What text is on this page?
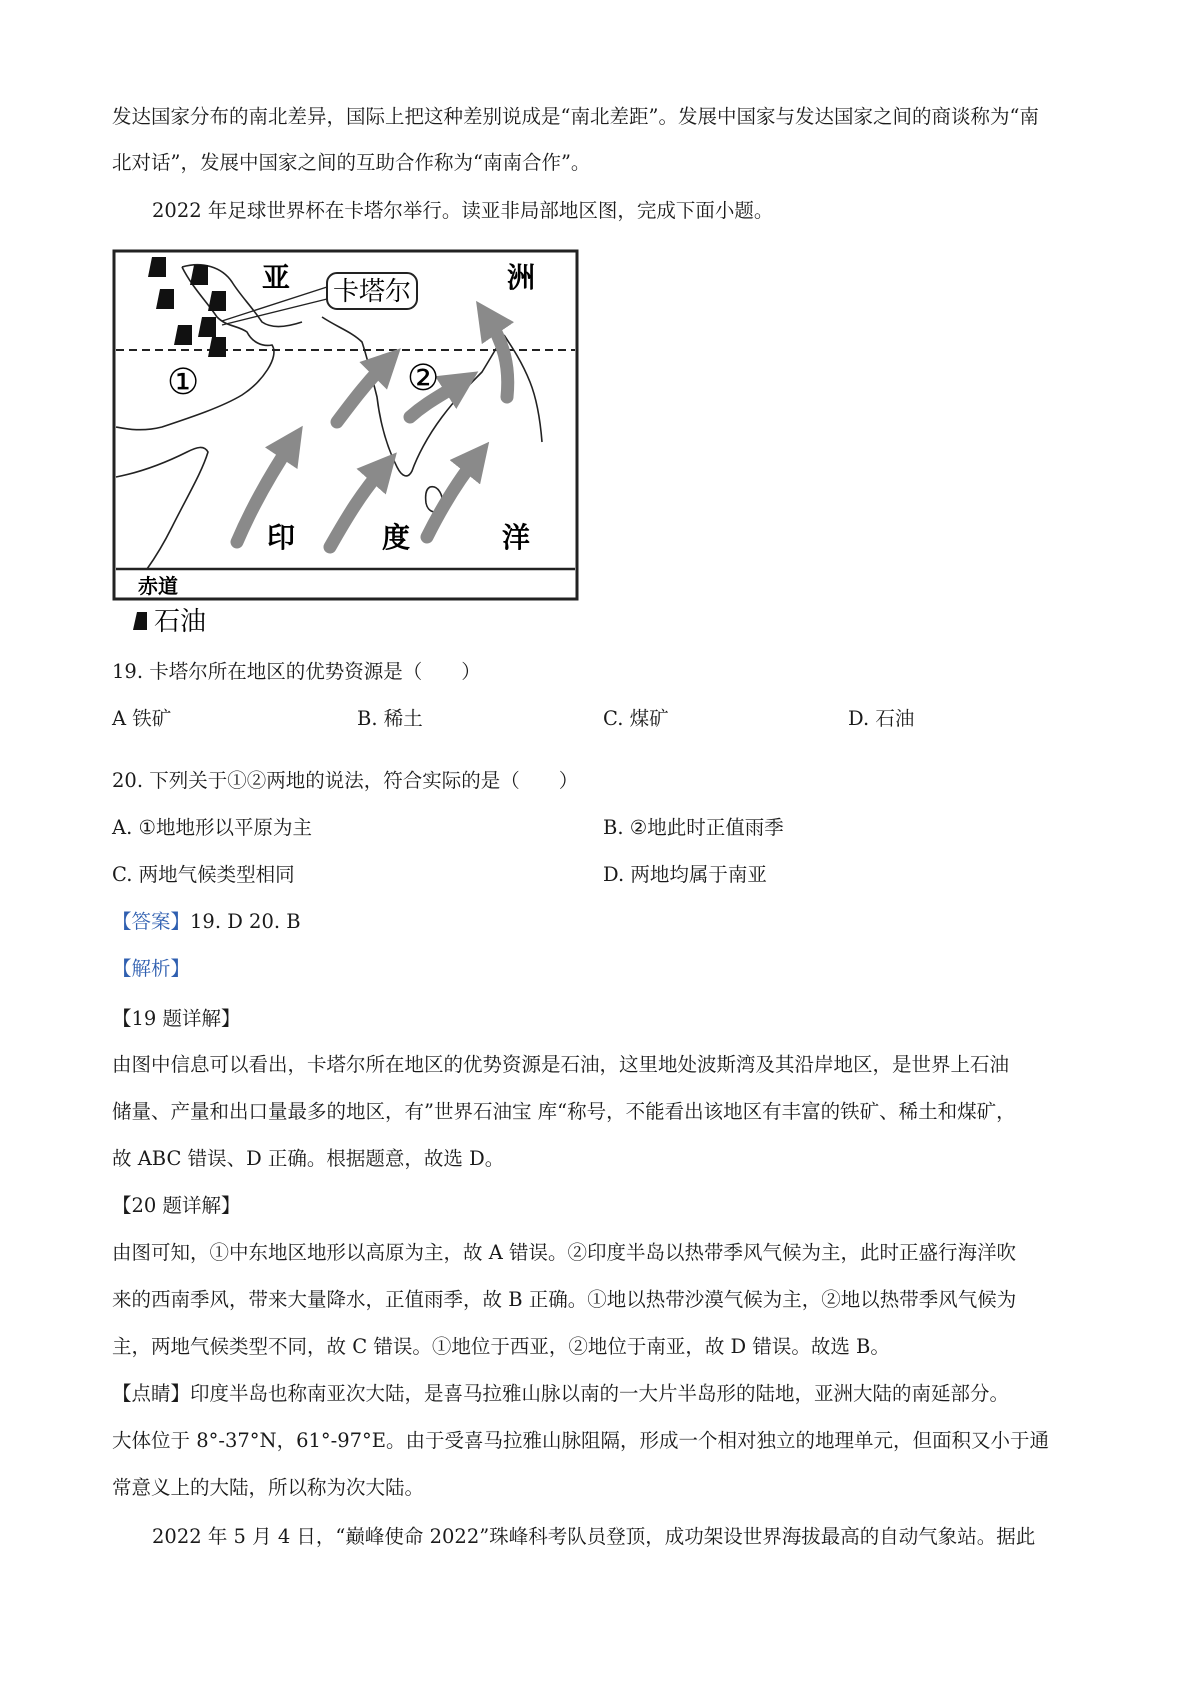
发达国家分布的南北差异，国际上把这种差别说成是“南北差距”。发展中国家与发达国家之间的商谈称为“南
北对话”，发展中国家之间的互助合作称为“南南合作”。
2022 年足球世界杯在卡塔尔举行。读亚非局部地区图，完成下面小题。
卡塔尔
亚	洲
①	②
印	度	洋
赤道
石油
19. 卡塔尔所在地区的优势资源是（　　）
A 铁矿	B. 稀土	C. 煤矿	D. 石油
20. 下列关于①②两地的说法，符合实际的是（　　）
A. ①地地形以平原为主	B. ②地此时正值雨季
C. 两地气候类型相同	D. 两地均属于南亚
【答案】19. D 20. B
【解析】
【19 题详解】
由图中信息可以看出，卡塔尔所在地区的优势资源是石油，这里地处波斯湾及其沿岸地区，是世界上石油
储量、产量和出口量最多的地区，有”世界石油宝 库“称号，不能看出该地区有丰富的铁矿、稀土和煤矿，
故 ABC 错误、D 正确。根据题意，故选 D。
【20 题详解】
由图可知，①中东地区地形以高原为主，故 A 错误。②印度半岛以热带季风气候为主，此时正盛行海洋吹
来的西南季风，带来大量降水，正值雨季，故 B 正确。①地以热带沙漠气候为主，②地以热带季风气候为
主，两地气候类型不同，故 C 错误。①地位于西亚，②地位于南亚，故 D 错误。故选 B。
【点睛】印度半岛也称南亚次大陆，是喜马拉雅山脉以南的一大片半岛形的陆地，亚洲大陆的南延部分。
大体位于 8°-37°N，61°-97°E。由于受喜马拉雅山脉阻隔，形成一个相对独立的地理单元，但面积又小于通
常意义上的大陆，所以称为次大陆。
2022 年 5 月 4 日，“巅峰使命 2022”珠峰科考队员登顶，成功架设世界海拔最高的自动气象站。据此
